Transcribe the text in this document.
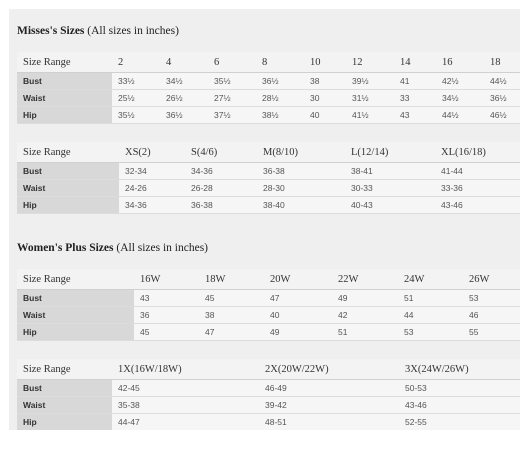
Misses's Sizes (All sizes in inches)
Size Range	2	4	6	8	10	12	14	16	18
Bust	33½	34½	35½	36½	38	39½	41	42½	44½
Waist	25½	26½	27½	28½	30	31½	33	34½	36½
Hip	35½	36½	37½	38½	40	41½	43	44½	46½
Size Range	XS(2)	S(4/6)	M(8/10)	L(12/14)	XL(16/18)
Bust	32-34	34-36	36-38	38-41	41-44
Waist	24-26	26-28	28-30	30-33	33-36
Hip	34-36	36-38	38-40	40-43	43-46
Women's Plus Sizes (All sizes in inches)
Size Range	16W	18W	20W	22W	24W	26W
Bust	43	45	47	49	51	53
Waist	36	38	40	42	44	46
Hip	45	47	49	51	53	55
Size Range	1X(16W/18W)	2X(20W/22W)	3X(24W/26W)
Bust	42-45	46-49	50-53
Waist	35-38	39-42	43-46
Hip	44-47	48-51	52-55
